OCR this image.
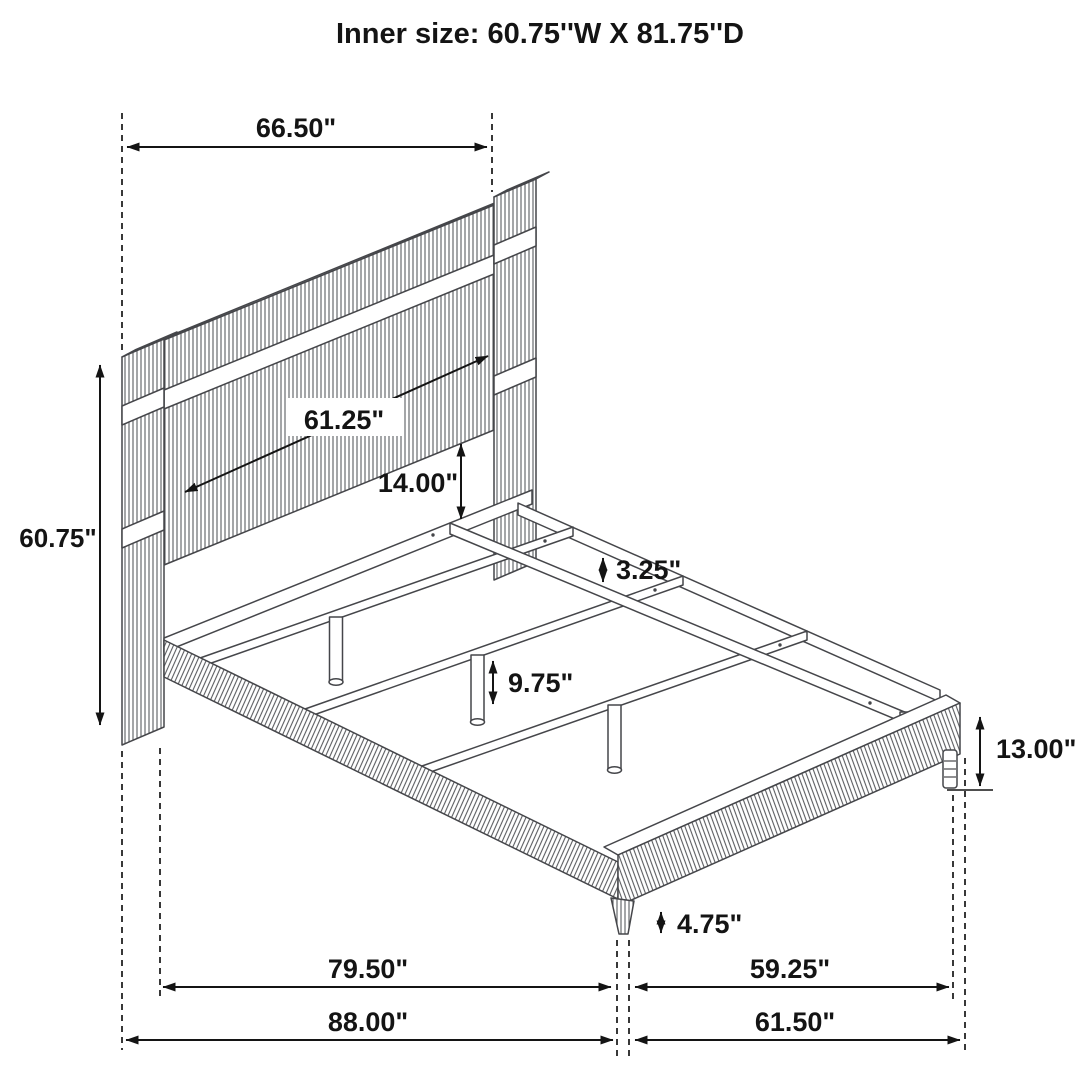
Inner size: 60.75''W X 81.75''D
66.50"
60.75"
61.25"
14.00"
3.25"
9.75"
13.00"
4.75"
79.50"	59.25"
88.00"	61.50"
